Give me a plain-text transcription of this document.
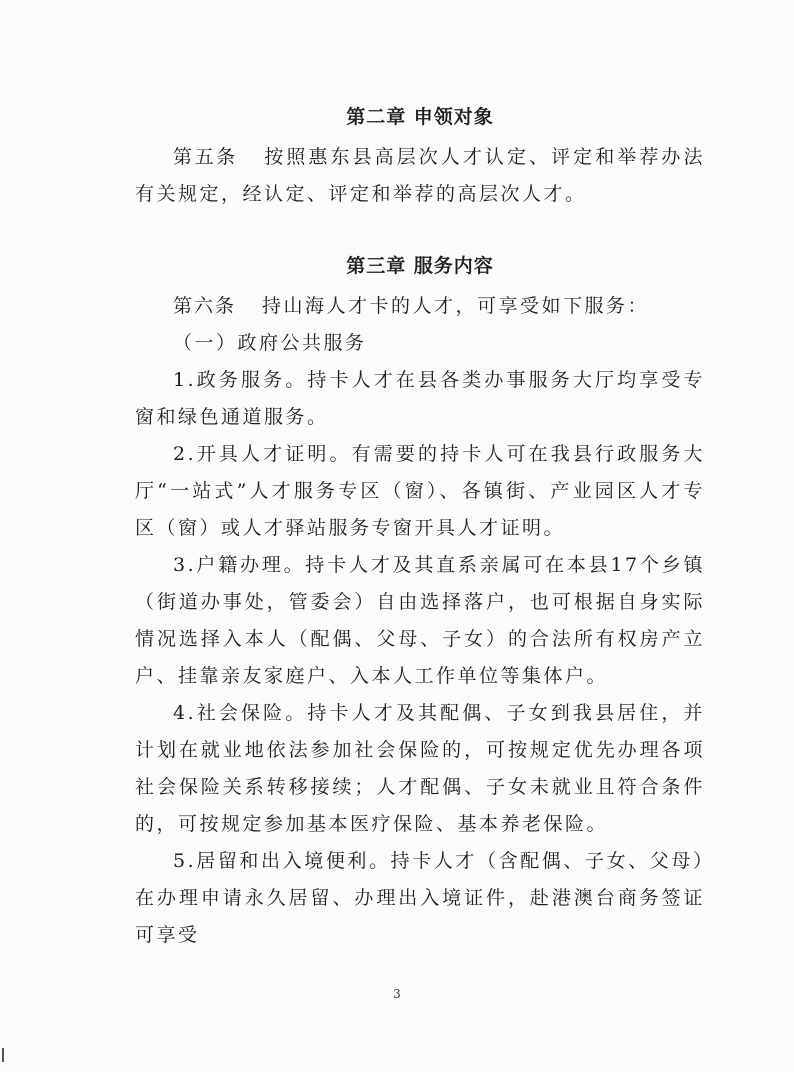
第二章 申领对象

第五条 按照惠东县高层次人才认定、评定和举荐办法有关规定，经认定、评定和举荐的高层次人才。

第三章 服务内容

第六条 持山海人才卡的人才，可享受如下服务：

（一）政府公共服务

1.政务服务。持卡人才在县各类办事服务大厅均享受专窗和绿色通道服务。

2.开具人才证明。有需要的持卡人可在我县行政服务大厅“一站式”人才服务专区（窗）、各镇街、产业园区人才专区（窗）或人才驿站服务专窗开具人才证明。

3.户籍办理。持卡人才及其直系亲属可在本县17个乡镇（街道办事处，管委会）自由选择落户，也可根据自身实际情况选择入本人（配偶、父母、子女）的合法所有权房产立户、挂靠亲友家庭户、入本人工作单位等集体户。

4.社会保险。持卡人才及其配偶、子女到我县居住，并计划在就业地依法参加社会保险的，可按规定优先办理各项社会保险关系转移接续；人才配偶、子女未就业且符合条件的，可按规定参加基本医疗保险、基本养老保险。

5.居留和出入境便利。持卡人才（含配偶、子女、父母）在办理申请永久居留、办理出入境证件，赴港澳台商务签证可享受

3
